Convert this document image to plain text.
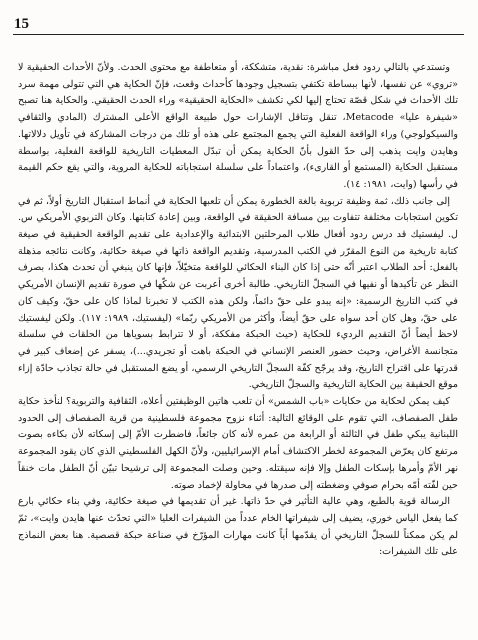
15

وتستدعي بالتالي ردود فعل مباشرة: نقدية، متشككة، أو متعاطفة مع محتوى الحدث. ولأنّ الأحداث الحقيقية لا «تروي» عن نفسها، لأنها ببساطة تكتفي بتسجيل وجودها كأحداث وقعت، فإنّ الحكاية هي التي تتولى مهمة سرد تلك الأحداث في شكل قصّة تحتاج إليها لكي تكشف «الحكاية الحقيقية» وراء الحدث الحقيقي. والحكاية هنا تصبح «شيفرة عليا» Metacode، تنقل وتتاقل الإشارات حول طبيعة الواقع الأعلى المشترك (المادي والثقافي والسيكولوجي) وراء الواقعة الفعلية التي يجمع المجتمع على هذه أو تلك من درجات المشاركة في تأويل دلالاتها. وهايدن وايت يذهب إلى حدّ القول بأنّ الحكاية يمكن أن تبدّل المعطيات التاريخية للواقعة الفعلية، بواسطة مستقبل الحكاية (المستمع أو القارىء)، واعتماداً على سلسلة استجاباته للحكاية المروية، والتي يقع حكم القيمة في رأسها (وايت، ١٩٨١: ١٤).

إلى جانب ذلك، ثمة وظيفة تربوية بالغة الخطورة يمكن أن تلعبها الحكاية في أنماط استقبال التاريخ أولاً، ثم في تكوين استجابات مختلفة تتفاوت بين مسافة الحقيقة في الواقعة، وبين إعادة كتابتها. وكان التربوي الأمريكي س. ل. ليفستيك قد درس ردود أفعال طلاب المرحلتين الابتدائية والإعدادية على تقديم الواقعة الحقيقية في صيغة كتابة تاريخية من النوع المقرّر في الكتب المدرسية، وتقديم الواقعة ذاتها في صيغة حكائية، وكانت نتائجه مذهلة بالفعل: أحد الطلاب اعتبر أنّه حتى إذا كان البناء الحكائي للواقعة متخيّلاً، فإنها كان ينبغي أن تحدث هكذا، بصرف النظر عن تأكيدها أو نفيها في السجلّ التاريخي. طالبة أخرى أعربت عن شكّها في صورة تقديم الإنسان الأمريكي في كتب التاريخ الرسمية: «إنه يبدو على حقّ دائماً، ولكن هذه الكتب لا تخبرنا لماذا كان على حقّ، وكيف كان على حقّ، وهل كان أحد سواه على حقّ أيضاً، وأكثر من الأمريكي ربّما» (ليفستيك، ١٩٨٩: ١١٧). ولكن ليفستيك لاحظ أيضاً أنّ التقديم الرديء للحكاية (حيث الحبكة مفككة، أو لا تترابط بسوياها من الحلقات في سلسلة متجانسة الأغراض، وحيث حضور العنصر الإنساني في الحبكة باهت أو تجريدي...)، يسفر عن إضعاف كبير في قدرتها على اقتراح التاريخ، وقد يرجّح كفّة السجلّ التاريخي الرسمي، أو يضع المستقبل في حالة تجاذب حادّة إزاء موقع الحقيقة بين الحكاية التاريخية والسجلّ التاريخي.

كيف يمكن لحكاية من حكايات «باب الشمس» أن تلعب هاتين الوظيفتين أعلاه، الثقافية والتربوية؟ لنأخذ حكاية طفل الصفصاف، التي تقوم على الوقائع التالية: أثناء نزوح مجموعة فلسطينية من قرية الصفصاف إلى الحدود اللبنانية يبكي طفل في الثالثة أو الرابعة من عمره لأنه كان جائعاً، فاضطرت الأمّ إلى إسكاته لأن بكاءه بصوت مرتفع كان يعرّض المجموعة لخطر الاكتشاف أمام الإسرائيليين، ولأنّ الكهل الفلسطيني الذي كان يقود المجموعة نهر الأمّ وأمرها بإسكات الطفل وإلا فإنه سيقتله. وحين وصلت المجموعة إلى ترشيحا تبيّن أنّ الطفل مات خنقاً حين لفّته أمّه بحرام صوفي وضغطته إلى صدرها في محاولة لإخماد صوته.

الرسالة قوية بالطبع، وهي عالية التأثير في حدّ ذاتها. غير أن تقديمها في صيغة حكائية، وفي بناء حكائي بارع كما يفعل الياس خوري، يضيف إلى شيفراتها الخام عدداً من الشيفرات العليا «التي تحدّث عنها هايدن وايت»، ثمّ لم يكن ممكناً للسجلّ التاريخي أن يقدّمها أياً كانت مهارات المؤرّخ في صناعة حبكة قصصية. هنا بعض النماذج على تلك الشيفرات:
